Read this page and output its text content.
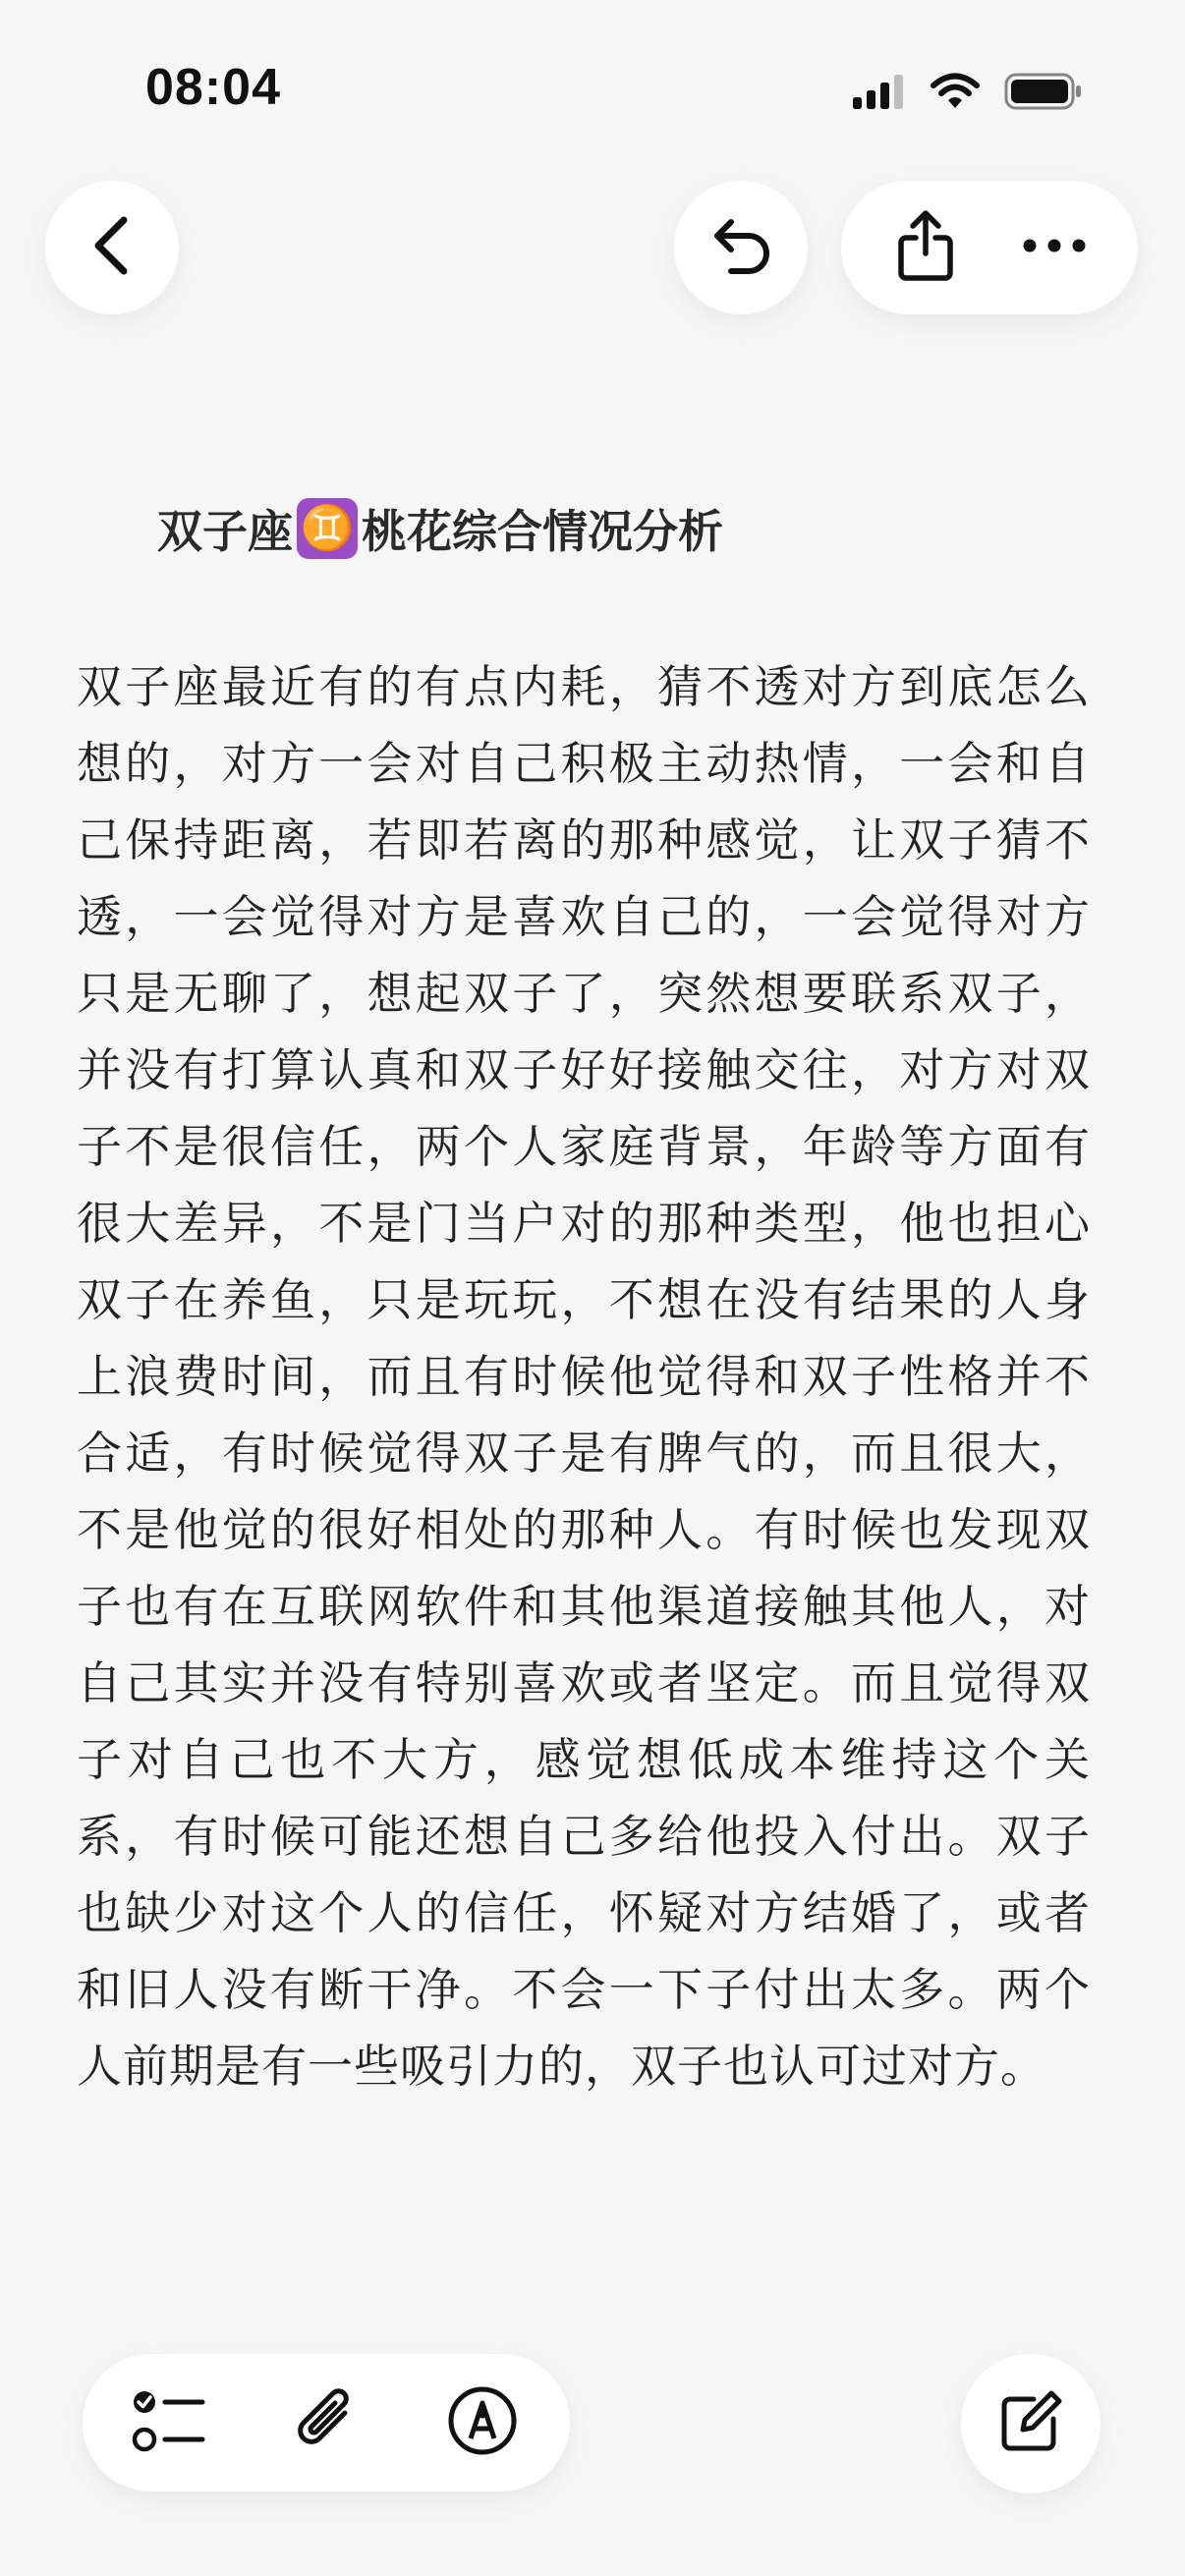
08:04
双子座 ♊ 桃花综合情况分析
双子座最近有的有点内耗，猜不透对方到底怎么想的，对方一会对自己积极主动热情，一会和自己保持距离，若即若离的那种感觉，让双子猜不透，一会觉得对方是喜欢自己的，一会觉得对方只是无聊了，想起双子了，突然想要联系双子，并没有打算认真和双子好好接触交往，对方对双子不是很信任，两个人家庭背景，年龄等方面有很大差异，不是门当户对的那种类型，他也担心双子在养鱼，只是玩玩，不想在没有结果的人身上浪费时间，而且有时候他觉得和双子性格并不合适，有时候觉得双子是有脾气的，而且很大，不是他觉的很好相处的那种人。有时候也发现双子也有在互联网软件和其他渠道接触其他人，对自己其实并没有特别喜欢或者坚定。而且觉得双子对自己也不大方，感觉想低成本维持这个关系，有时候可能还想自己多给他投入付出。双子也缺少对这个人的信任，怀疑对方结婚了，或者和旧人没有断干净。不会一下子付出太多。两个人前期是有一些吸引力的，双子也认可过对方。
